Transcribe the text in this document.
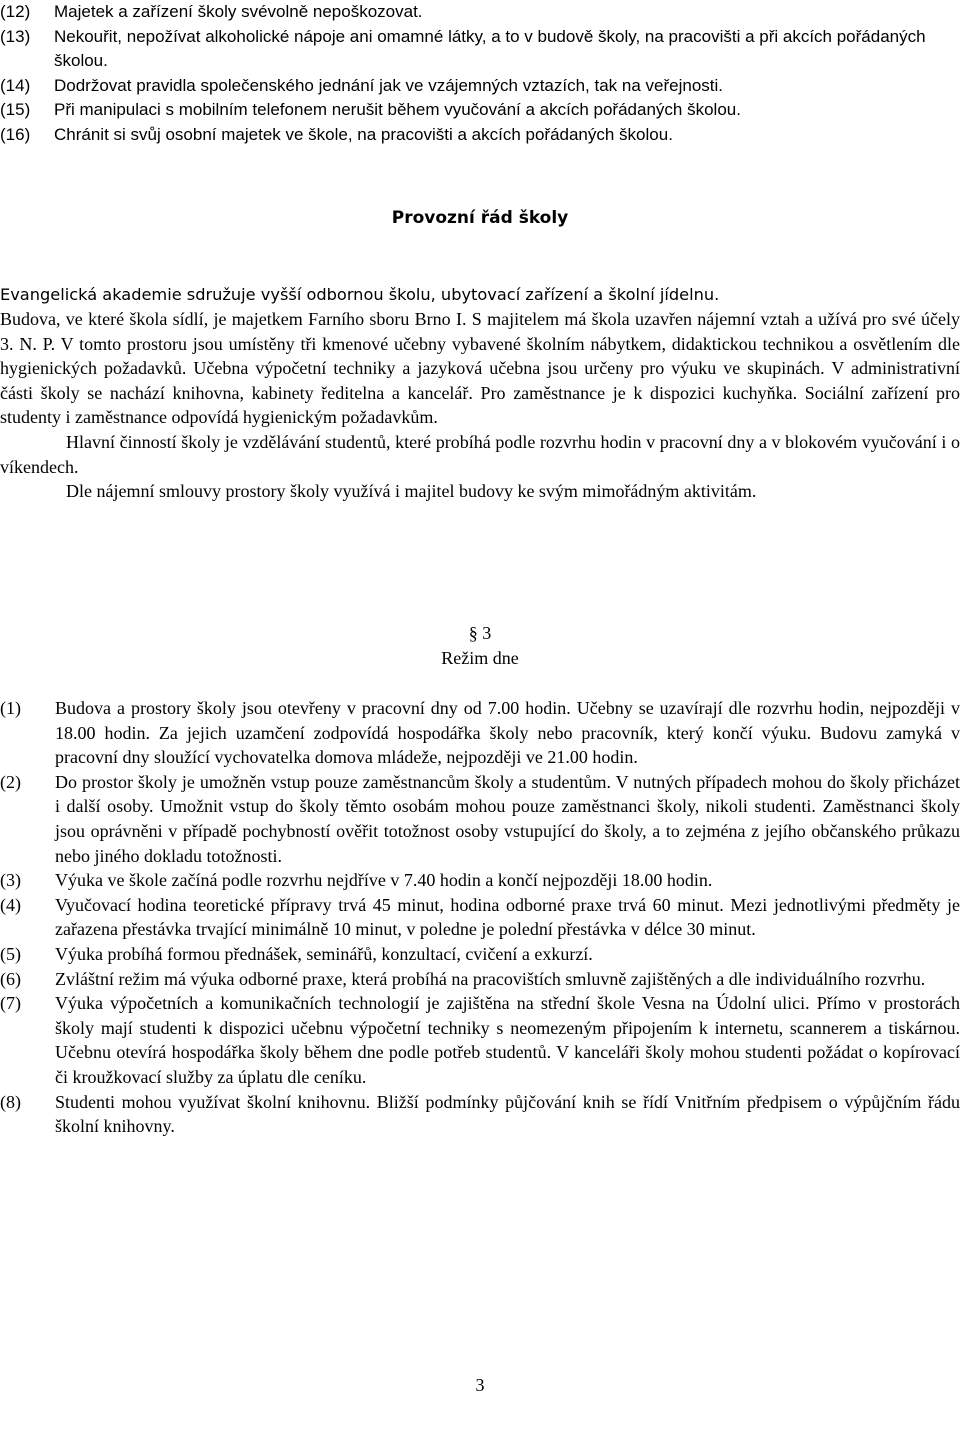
(12)	Majetek a zařízení školy svévolně nepoškozovat.
(13)	Nekouřit, nepožívat alkoholické nápoje ani omamné látky, a to v budově školy, na pracovišti a při akcích pořádaných školou.
(14)	Dodržovat pravidla společenského jednání jak ve vzájemných vztazích, tak na veřejnosti.
(15)	Při manipulaci s mobilním telefonem nerušit během vyučování a akcích pořádaných školou.
(16)	Chránit si svůj osobní majetek ve škole, na pracovišti a akcích pořádaných školou.
Provozní řád školy

Evangelická akademie sdružuje vyšší odbornou školu, ubytovací zařízení a školní jídelnu.

Budova, ve které škola sídlí, je majetkem Farního sboru Brno I. S majitelem má škola uzavřen nájemní vztah a užívá pro své účely 3. N. P. V tomto prostoru jsou umístěny tři kmenové učebny vybavené školním nábytkem, didaktickou technikou a osvětlením dle hygienických požadavků. Učebna výpočetní techniky a jazyková učebna jsou určeny pro výuku ve skupinách. V administrativní části školy se nachází knihovna, kabinety ředitelna a kancelář. Pro zaměstnance je k dispozici kuchyňka. Sociální zařízení pro studenty i zaměstnance odpovídá hygienickým požadavkům.

Hlavní činností školy je vzdělávání studentů, které probíhá podle rozvrhu hodin v pracovní dny a v blokovém vyučování i o víkendech.

Dle nájemní smlouvy prostory školy využívá i majitel budovy ke svým mimořádným aktivitám.

§ 3
Režim dne
(1)	Budova a prostory školy jsou otevřeny v pracovní dny od 7.00 hodin. Učebny se uzavírají dle rozvrhu hodin, nejpozději v 18.00 hodin. Za jejich uzamčení zodpovídá hospodářka školy nebo pracovník, který končí výuku. Budovu zamyká v pracovní dny sloužící vychovatelka domova mládeže, nejpozději ve 21.00 hodin.
(2)	Do prostor školy je umožněn vstup pouze zaměstnancům školy a studentům. V nutných případech mohou do školy přicházet i další osoby. Umožnit vstup do školy těmto osobám mohou pouze zaměstnanci školy, nikoli studenti. Zaměstnanci školy jsou oprávněni v případě pochybností ověřit totožnost osoby vstupující do školy, a to zejména z jejího občanského průkazu nebo jiného dokladu totožnosti.
(3)	Výuka ve škole začíná podle rozvrhu nejdříve v 7.40 hodin a končí nejpozději 18.00 hodin.
(4)	Vyučovací hodina teoretické přípravy trvá 45 minut, hodina odborné praxe trvá 60 minut. Mezi jednotlivými předměty je zařazena přestávka trvající minimálně 10 minut, v poledne je polední přestávka v délce 30 minut.
(5)	Výuka probíhá formou přednášek, seminářů, konzultací, cvičení a exkurzí.
(6)	Zvláštní režim má výuka odborné praxe, která probíhá na pracovištích smluvně zajištěných a dle individuálního rozvrhu.
(7)	Výuka výpočetních a komunikačních technologií je zajištěna na střední škole Vesna na Údolní ulici. Přímo v prostorách školy mají studenti k dispozici učebnu výpočetní techniky s neomezeným připojením k internetu, scannerem a tiskárnou. Učebnu otevírá hospodářka školy během dne podle potřeb studentů. V kanceláři školy mohou studenti požádat o kopírovací či kroužkovací služby za úplatu dle ceníku.
(8)	Studenti mohou využívat školní knihovnu. Bližší podmínky půjčování knih se řídí Vnitřním předpisem o výpůjčním řádu školní knihovny.
3
